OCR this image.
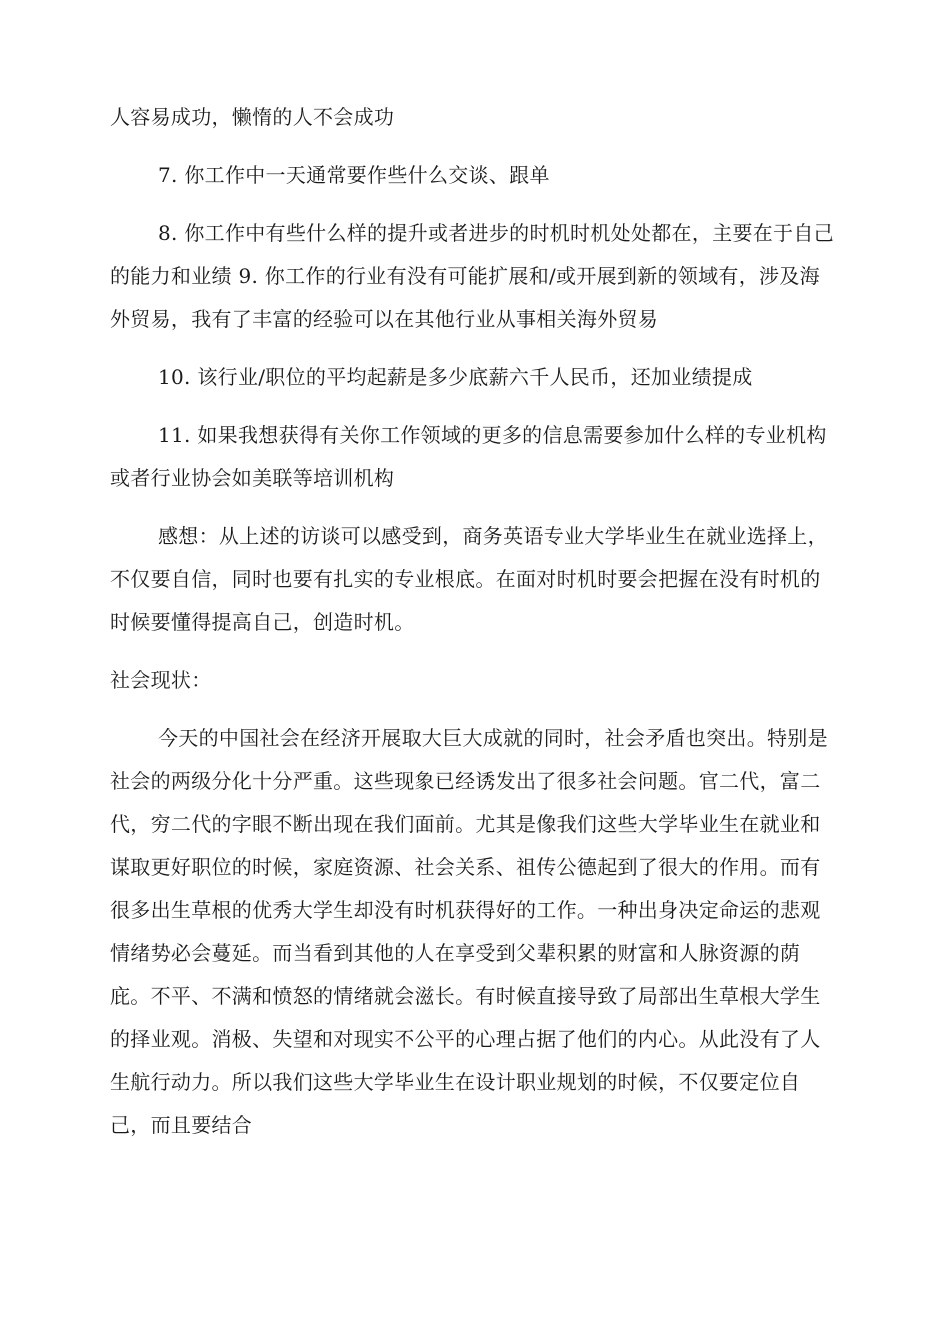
人容易成功，懒惰的人不会成功

7. 你工作中一天通常要作些什么交谈、跟单

8. 你工作中有些什么样的提升或者进步的时机时机处处都在，主要在于自己的能力和业绩 9. 你工作的行业有没有可能扩展和/或开展到新的领域有，涉及海外贸易，我有了丰富的经验可以在其他行业从事相关海外贸易

10. 该行业/职位的平均起薪是多少底薪六千人民币，还加业绩提成

11. 如果我想获得有关你工作领域的更多的信息需要参加什么样的专业机构或者行业协会如美联等培训机构

感想：从上述的访谈可以感受到，商务英语专业大学毕业生在就业选择上，不仅要自信，同时也要有扎实的专业根底。在面对时机时要会把握在没有时机的时候要懂得提高自己，创造时机。

社会现状：

今天的中国社会在经济开展取大巨大成就的同时，社会矛盾也突出。特别是社会的两级分化十分严重。这些现象已经诱发出了很多社会问题。官二代，富二代，穷二代的字眼不断出现在我们面前。尤其是像我们这些大学毕业生在就业和谋取更好职位的时候，家庭资源、社会关系、祖传公德起到了很大的作用。而有很多出生草根的优秀大学生却没有时机获得好的工作。一种出身决定命运的悲观情绪势必会蔓延。而当看到其他的人在享受到父辈积累的财富和人脉资源的荫庇。不平、不满和愤怒的情绪就会滋长。有时候直接导致了局部出生草根大学生的择业观。消极、失望和对现实不公平的心理占据了他们的内心。从此没有了人生航行动力。所以我们这些大学毕业生在设计职业规划的时候，不仅要定位自己，而且要结合
